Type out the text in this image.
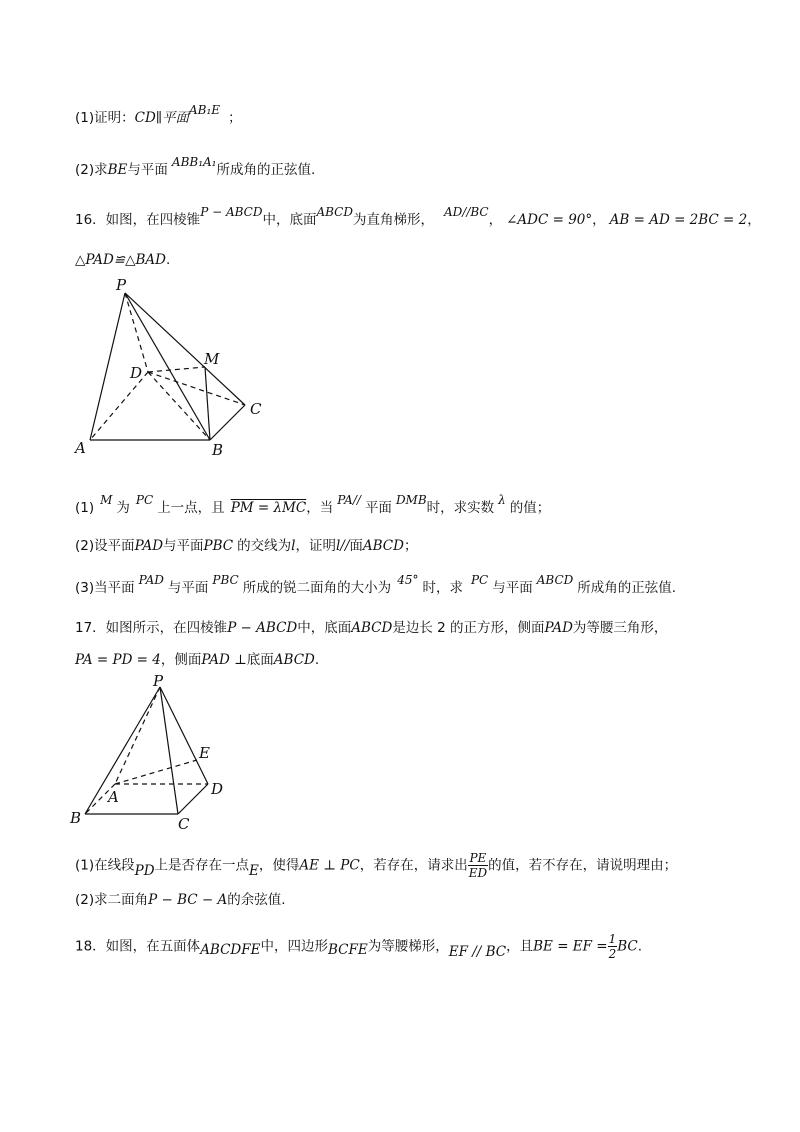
(1)证明：CD∥平面AB₁E ；
(2)求BE与平面 ABB₁A₁所成角的正弦值.
16．如图，在四棱锥P − ABCD中，底面ABCD为直角梯形， AD//BC， ∠ADC = 90°， AB = AD = 2BC = 2，
△PAD≌△BAD.
P
M
D
C
A	B
(1) M 为 PC 上一点，且 PM = λMC，当 PA// 平面 DMB时，求实数 λ 的值；
(2)设平面PAD与平面PBC 的交线为l，证明l//面ABCD；
(3)当平面 PAD 与平面 PBC 所成的锐二面角的大小为 45° 时，求 PC 与平面 ABCD 所成角的正弦值.
17．如图所示，在四棱锥P − ABCD中，底面ABCD是边长 2 的正方形，侧面PAD为等腰三角形，
PA = PD = 4，侧面PAD ⊥底面ABCD.
P
E
A	D
B	C
(1)在线段PD上是否存在一点E，使得AE ⊥ PC，若存在，请求出 $\frac{PE}{ED}$ 的值，若不存在，请说明理由；
(2)求二面角P − BC − A的余弦值.
18．如图，在五面体ABCDFE中，四边形BCFE为等腰梯形，EF // BC，且BE = EF = $\frac{1}{2}$ BC.
